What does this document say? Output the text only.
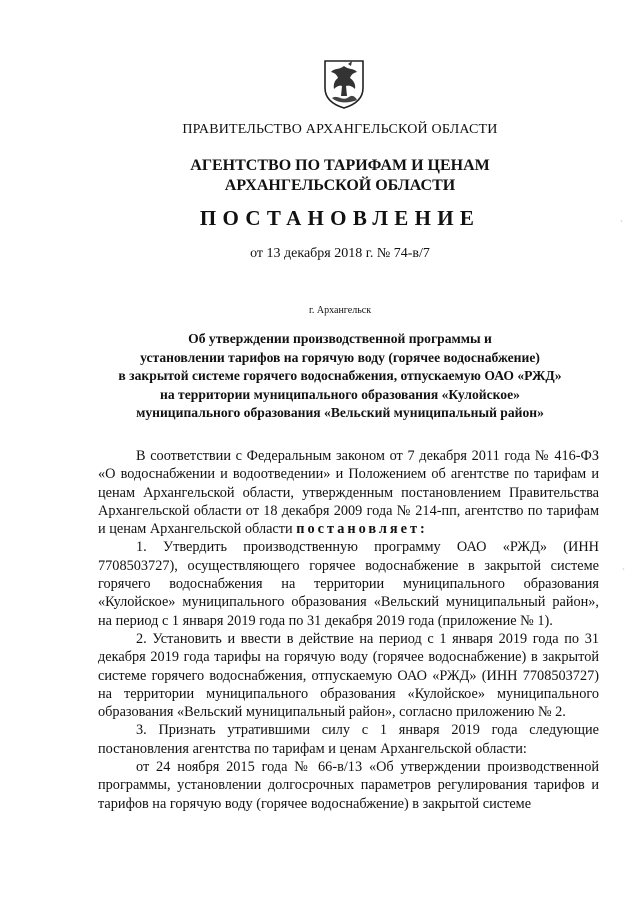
ПРАВИТЕЛЬСТВО АРХАНГЕЛЬСКОЙ ОБЛАСТИ
АГЕНТСТВО ПО ТАРИФАМ И ЦЕНАМ
АРХАНГЕЛЬСКОЙ ОБЛАСТИ
ПОСТАНОВЛЕНИЕ
от 13 декабря 2018 г. № 74-в/7
г. Архангельск
Об утверждении производственной программы и
установлении тарифов на горячую воду (горячее водоснабжение)
в закрытой системе горячего водоснабжения, отпускаемую ОАО «РЖД»
на территории муниципального образования «Кулойское»
муниципального образования «Вельский муниципальный район»

В соответствии с Федеральным законом от 7 декабря 2011 года № 416-ФЗ «О водоснабжении и водоотведении» и Положением об агентстве по тарифам и ценам Архангельской области, утвержденным постановлением Правительства Архангельской области от 18 декабря 2009 года № 214-пп, агентство по тарифам и ценам Архангельской области постановляет:

1. Утвердить производственную программу ОАО «РЖД» (ИНН 7708503727), осуществляющего горячее водоснабжение в закрытой системе горячего водоснабжения на территории муниципального образования «Кулойское» муниципального образования «Вельский муниципальный район», на период с 1 января 2019 года по 31 декабря 2019 года (приложение № 1).

2. Установить и ввести в действие на период с 1 января 2019 года по 31 декабря 2019 года тарифы на горячую воду (горячее водоснабжение) в закрытой системе горячего водоснабжения, отпускаемую ОАО «РЖД» (ИНН 7708503727) на территории муниципального образования «Кулойское» муниципального образования «Вельский муниципальный район», согласно приложению № 2.

3. Признать утратившими силу с 1 января 2019 года следующие постановления агентства по тарифам и ценам Архангельской области:

от 24 ноября 2015 года № 66-в/13 «Об утверждении производственной программы, установлении долгосрочных параметров регулирования тарифов и тарифов на горячую воду (горячее водоснабжение) в закрытой системе

ˏ
ˏ
